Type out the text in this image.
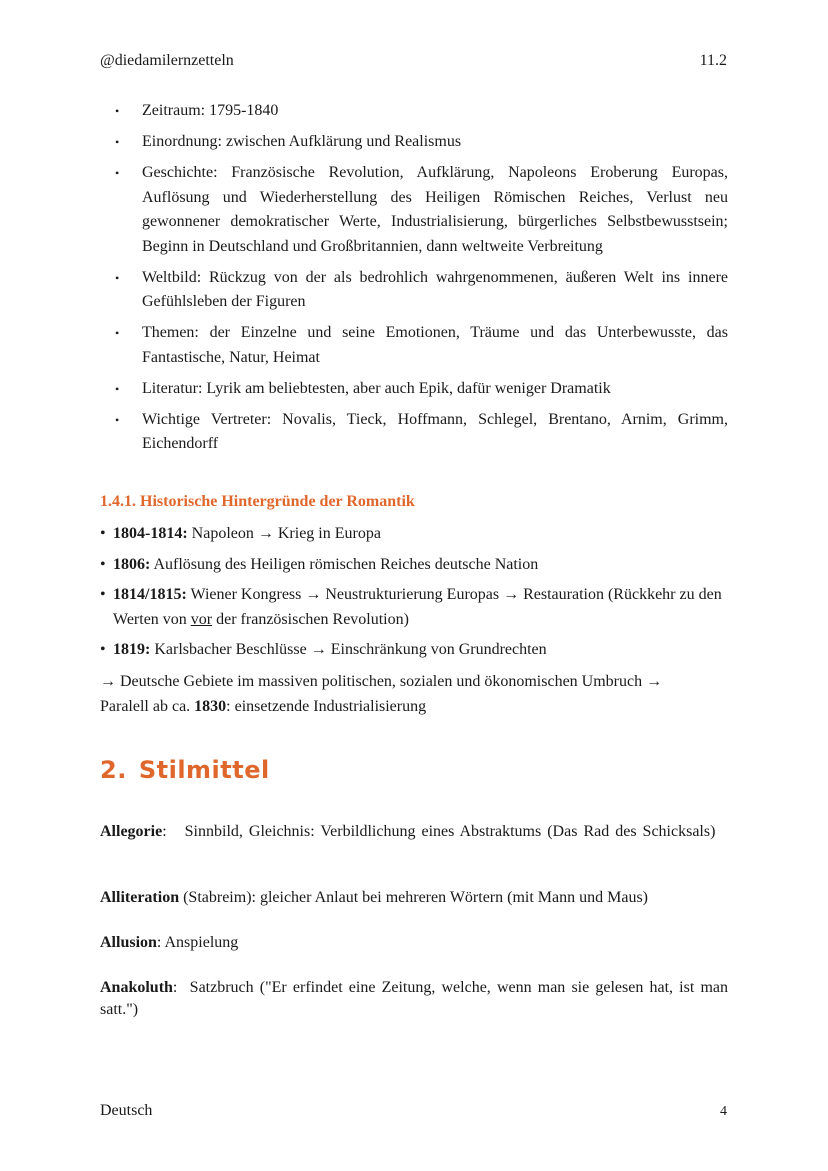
@diedamilernzetteln	11.2
• Zeitraum: 1795-1840
• Einordnung: zwischen Aufklärung und Realismus
• Geschichte: Französische Revolution, Aufklärung, Napoleons Eroberung Europas, Auflösung und Wiederherstellung des Heiligen Römischen Reiches, Verlust neu gewonnener demokratischer Werte, Industrialisierung, bürgerliches Selbstbewusstsein; Beginn in Deutschland und Großbritannien, dann weltweite Verbreitung
• Weltbild: Rückzug von der als bedrohlich wahrgenommenen, äußeren Welt ins innere Gefühlsleben der Figuren
• Themen: der Einzelne und seine Emotionen, Träume und das Unterbewusste, das Fantastische, Natur, Heimat
• Literatur: Lyrik am beliebtesten, aber auch Epik, dafür weniger Dramatik
• Wichtige Vertreter: Novalis, Tieck, Hoffmann, Schlegel, Brentano, Arnim, Grimm, Eichendorff
1.4.1. Historische Hintergründe der Romantik
• 1804-1814: Napoleon → Krieg in Europa
• 1806: Auflösung des Heiligen römischen Reiches deutsche Nation
• 1814/1815: Wiener Kongress → Neustrukturierung Europas → Restauration (Rückkehr zu den Werten von vor der französischen Revolution)
• 1819: Karlsbacher Beschlüsse → Einschränkung von Grundrechten

→ Deutsche Gebiete im massiven politischen, sozialen und ökonomischen Umbruch →
Paralell ab ca. 1830: einsetzende Industrialisierung

2. Stilmittel

Allegorie:   Sinnbild, Gleichnis: Verbildlichung eines Abstraktums (Das Rad des Schicksals)

Alliteration (Stabreim): gleicher Anlaut bei mehreren Wörtern (mit Mann und Maus)

Allusion: Anspielung

Anakoluth:  Satzbruch ("Er erfindet eine Zeitung, welche, wenn man sie gelesen hat, ist man satt.")

Deutsch	4
